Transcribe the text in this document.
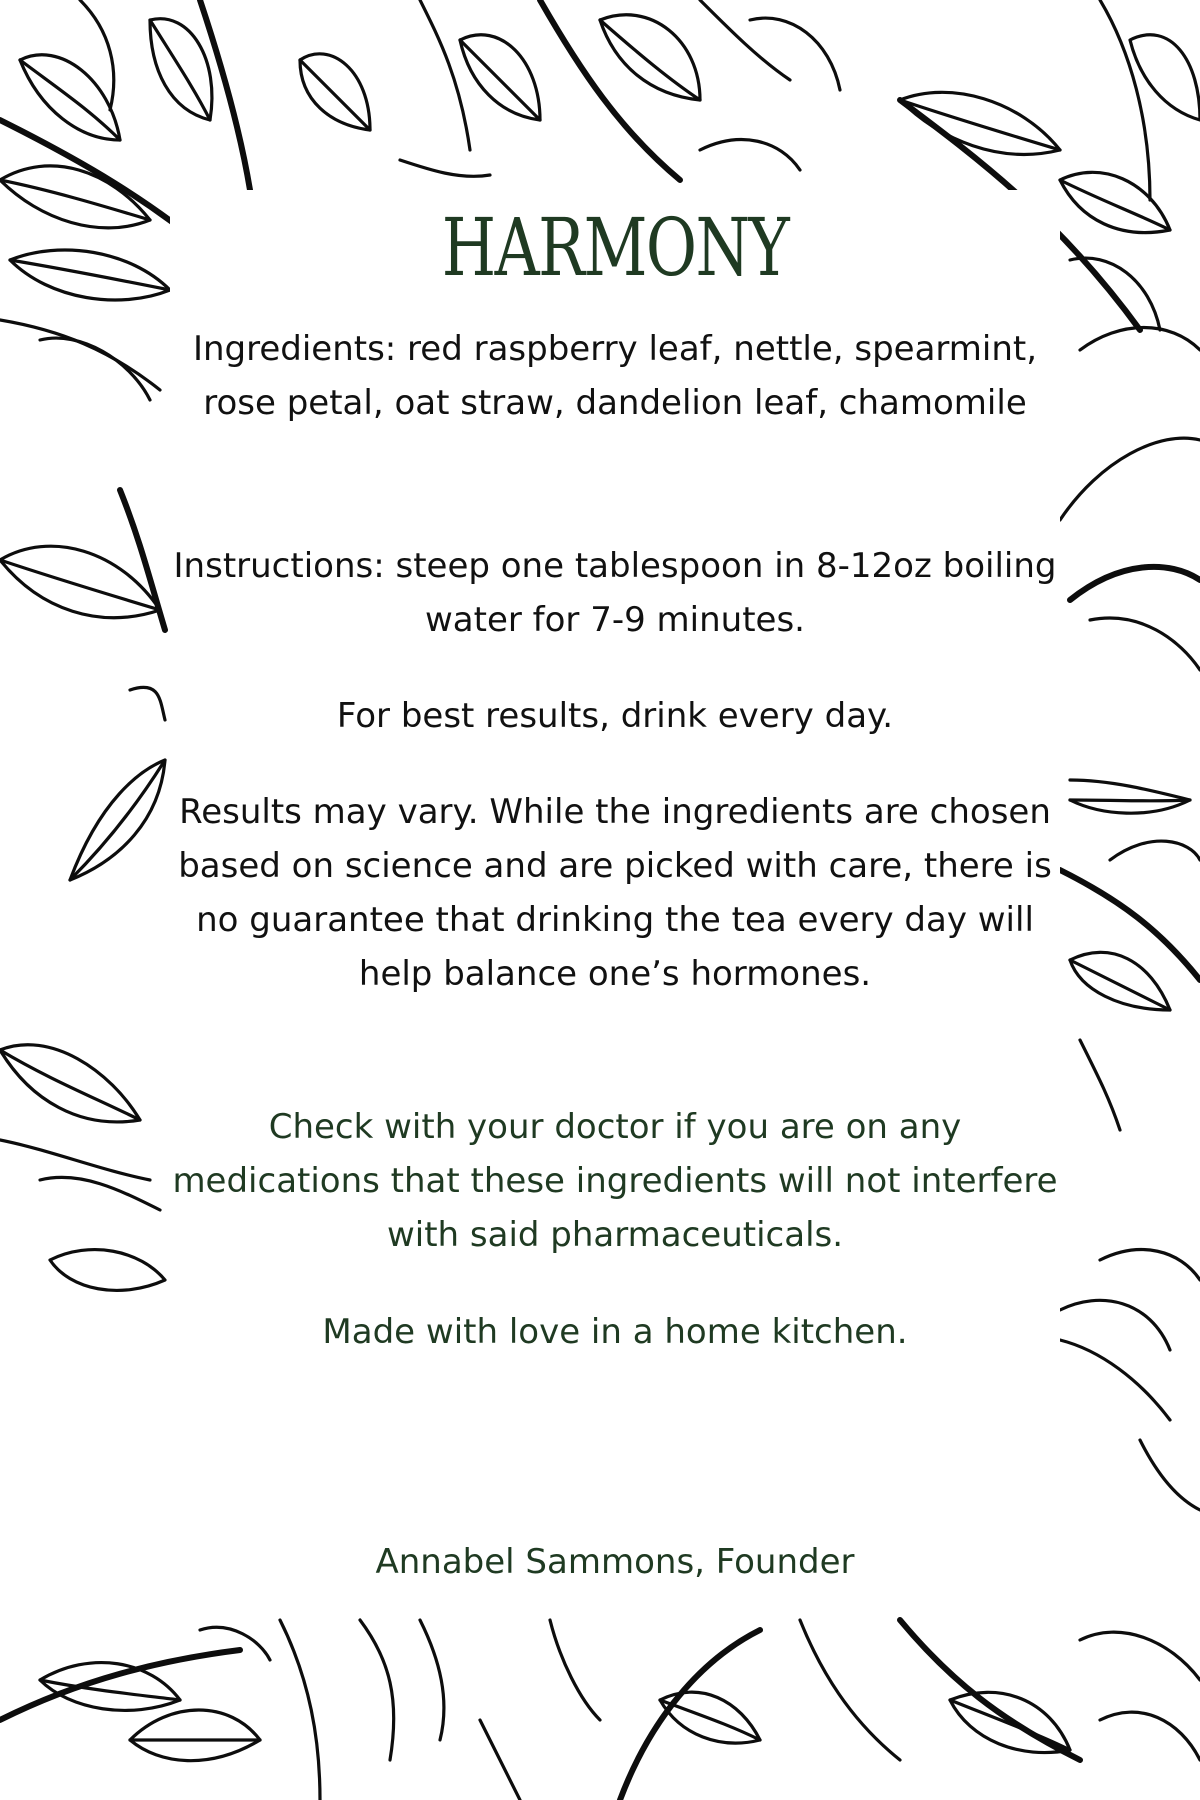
HARMONY
Ingredients: red raspberry leaf, nettle, spearmint, rose petal, oat straw, dandelion leaf, chamomile
Instructions: steep one tablespoon in 8-12oz boiling water for 7-9 minutes.
For best results, drink every day.
Results may vary. While the ingredients are chosen based on science and are picked with care, there is no guarantee that drinking the tea every day will help balance one’s hormones.
Check with your doctor if you are on any medications that these ingredients will not interfere with said pharmaceuticals.
Made with love in a home kitchen.
Annabel Sammons, Founder
